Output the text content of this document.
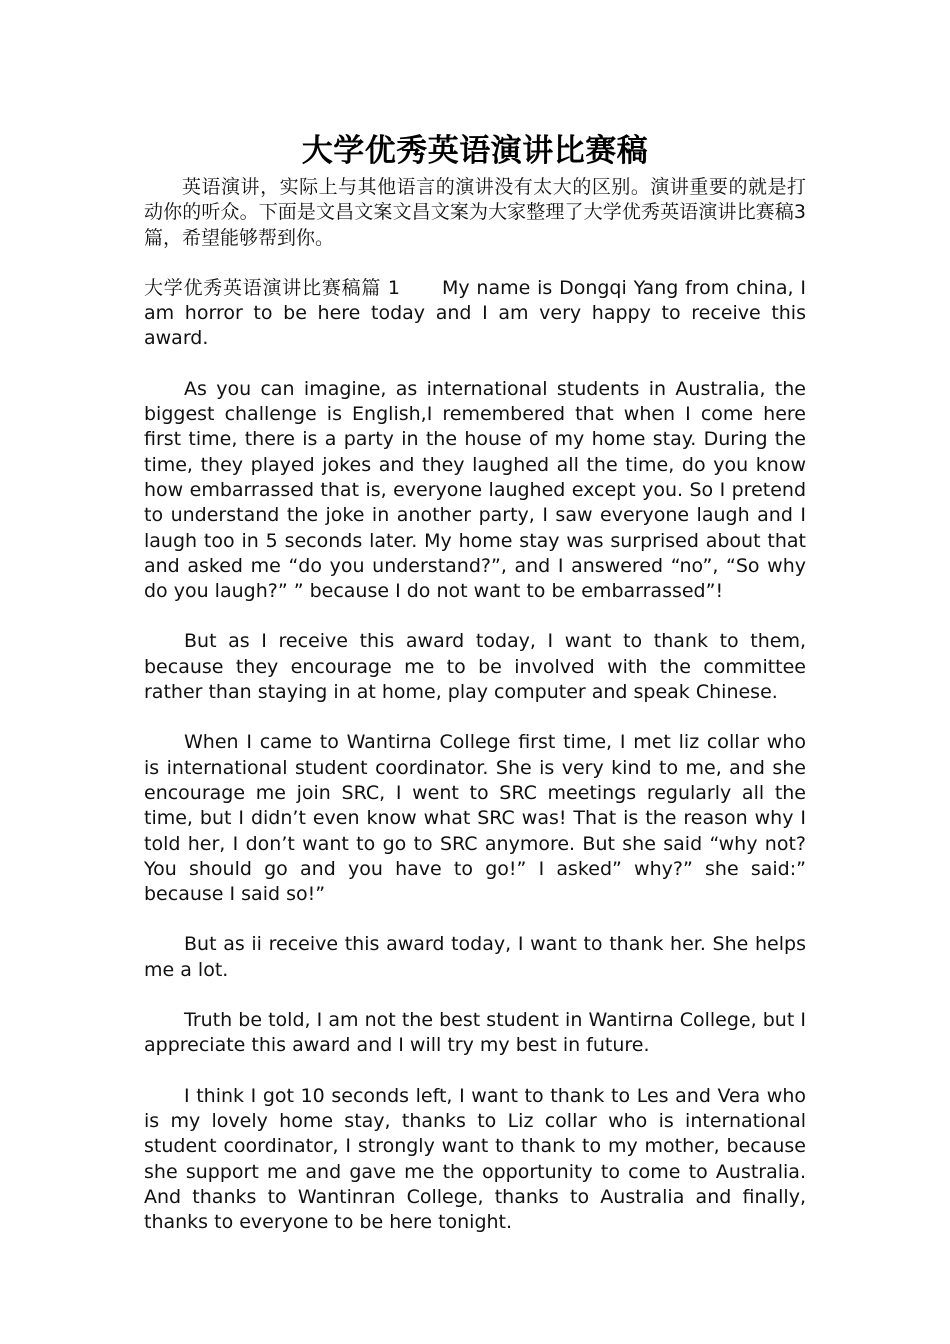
大学优秀英语演讲比赛稿

英语演讲，实际上与其他语言的演讲没有太大的区别。演讲重要的就是打动你的听众。下面是文昌文案文昌文案为大家整理了大学优秀英语演讲比赛稿3篇，希望能够帮到你。

大学优秀英语演讲比赛稿篇 1 My name is Dongqi Yang from china, I am horror to be here today and I am very happy to receive this award.

As you can imagine, as international students in Australia, the biggest challenge is English,I remembered that when I come here first time, there is a party in the house of my home stay. During the time, they played jokes and they laughed all the time, do you know how embarrassed that is, everyone laughed except you. So I pretend to understand the joke in another party, I saw everyone laugh and I laugh too in 5 seconds later. My home stay was surprised about that and asked me “do you understand?”, and I answered “no”, “So why do you laugh?” ” because I do not want to be embarrassed”!

But as I receive this award today, I want to thank to them, because they encourage me to be involved with the committee rather than staying in at home, play computer and speak Chinese.

When I came to Wantirna College first time, I met liz collar who is international student coordinator. She is very kind to me, and she encourage me join SRC, I went to SRC meetings regularly all the time, but I didn’t even know what SRC was! That is the reason why I told her, I don’t want to go to SRC anymore. But she said “why not? You should go and you have to go!” I asked” why?” she said:” because I said so!”

But as ii receive this award today, I want to thank her. She helps me a lot.

Truth be told, I am not the best student in Wantirna College, but I appreciate this award and I will try my best in future.

I think I got 10 seconds left, I want to thank to Les and Vera who is my lovely home stay, thanks to Liz collar who is international student coordinator, I strongly want to thank to my mother, because she support me and gave me the opportunity to come to Australia. And thanks to Wantinran College, thanks to Australia and finally, thanks to everyone to be here tonight.
